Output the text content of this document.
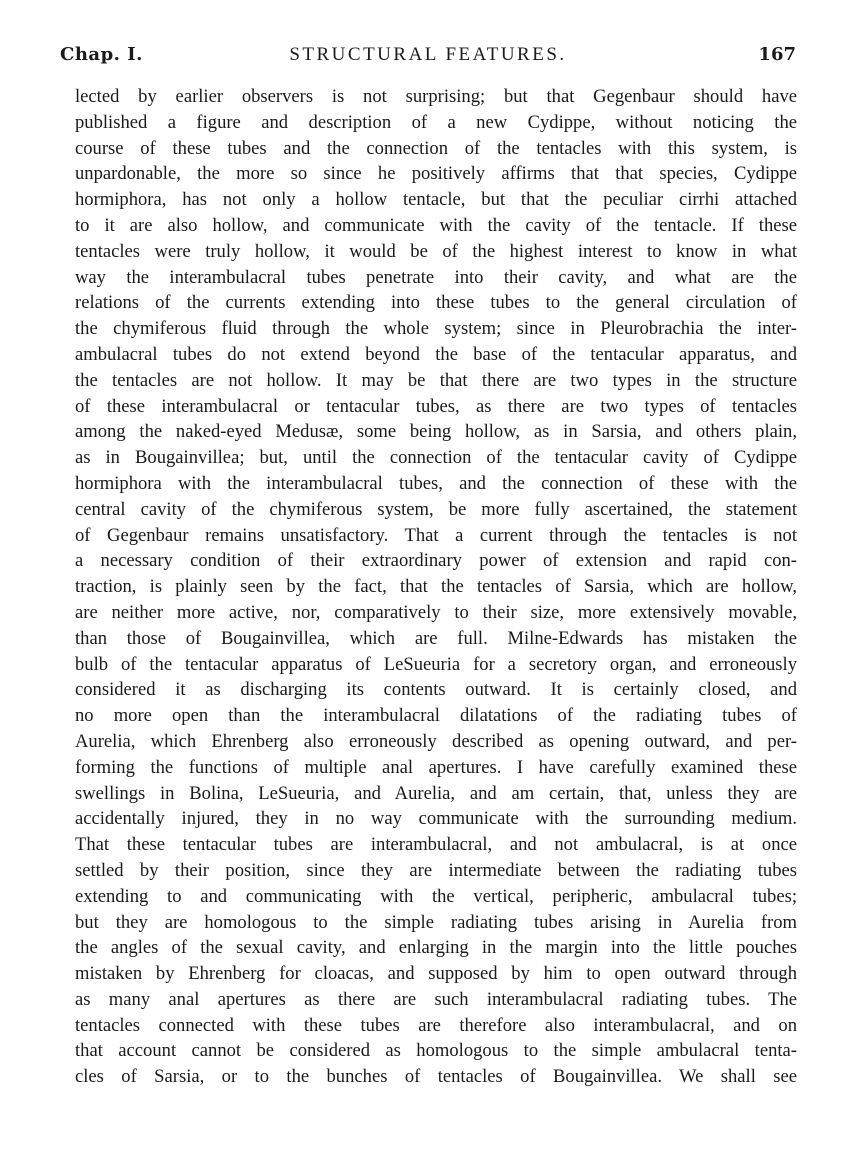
Chap. I.	STRUCTURAL FEATURES.	167
lected by earlier observers is not surprising; but that Gegenbaur should have
published a figure and description of a new Cydippe, without noticing the
course of these tubes and the connection of the tentacles with this system, is
unpardonable, the more so since he positively affirms that that species, Cydippe
hormiphora, has not only a hollow tentacle, but that the peculiar cirrhi attached
to it are also hollow, and communicate with the cavity of the tentacle. If these
tentacles were truly hollow, it would be of the highest interest to know in what
way the interambulacral tubes penetrate into their cavity, and what are the
relations of the currents extending into these tubes to the general circulation of
the chymiferous fluid through the whole system; since in Pleurobrachia the inter-
ambulacral tubes do not extend beyond the base of the tentacular apparatus, and
the tentacles are not hollow. It may be that there are two types in the structure
of these interambulacral or tentacular tubes, as there are two types of tentacles
among the naked-eyed Medusæ, some being hollow, as in Sarsia, and others plain,
as in Bougainvillea; but, until the connection of the tentacular cavity of Cydippe
hormiphora with the interambulacral tubes, and the connection of these with the
central cavity of the chymiferous system, be more fully ascertained, the statement
of Gegenbaur remains unsatisfactory. That a current through the tentacles is not
a necessary condition of their extraordinary power of extension and rapid con-
traction, is plainly seen by the fact, that the tentacles of Sarsia, which are hollow,
are neither more active, nor, comparatively to their size, more extensively movable,
than those of Bougainvillea, which are full. Milne-Edwards has mistaken the
bulb of the tentacular apparatus of LeSueuria for a secretory organ, and erroneously
considered it as discharging its contents outward. It is certainly closed, and
no more open than the interambulacral dilatations of the radiating tubes of
Aurelia, which Ehrenberg also erroneously described as opening outward, and per-
forming the functions of multiple anal apertures. I have carefully examined these
swellings in Bolina, LeSueuria, and Aurelia, and am certain, that, unless they are
accidentally injured, they in no way communicate with the surrounding medium.
That these tentacular tubes are interambulacral, and not ambulacral, is at once
settled by their position, since they are intermediate between the radiating tubes
extending to and communicating with the vertical, peripheric, ambulacral tubes;
but they are homologous to the simple radiating tubes arising in Aurelia from
the angles of the sexual cavity, and enlarging in the margin into the little pouches
mistaken by Ehrenberg for cloacas, and supposed by him to open outward through
as many anal apertures as there are such interambulacral radiating tubes. The
tentacles connected with these tubes are therefore also interambulacral, and on
that account cannot be considered as homologous to the simple ambulacral tenta-
cles of Sarsia, or to the bunches of tentacles of Bougainvillea. We shall see
